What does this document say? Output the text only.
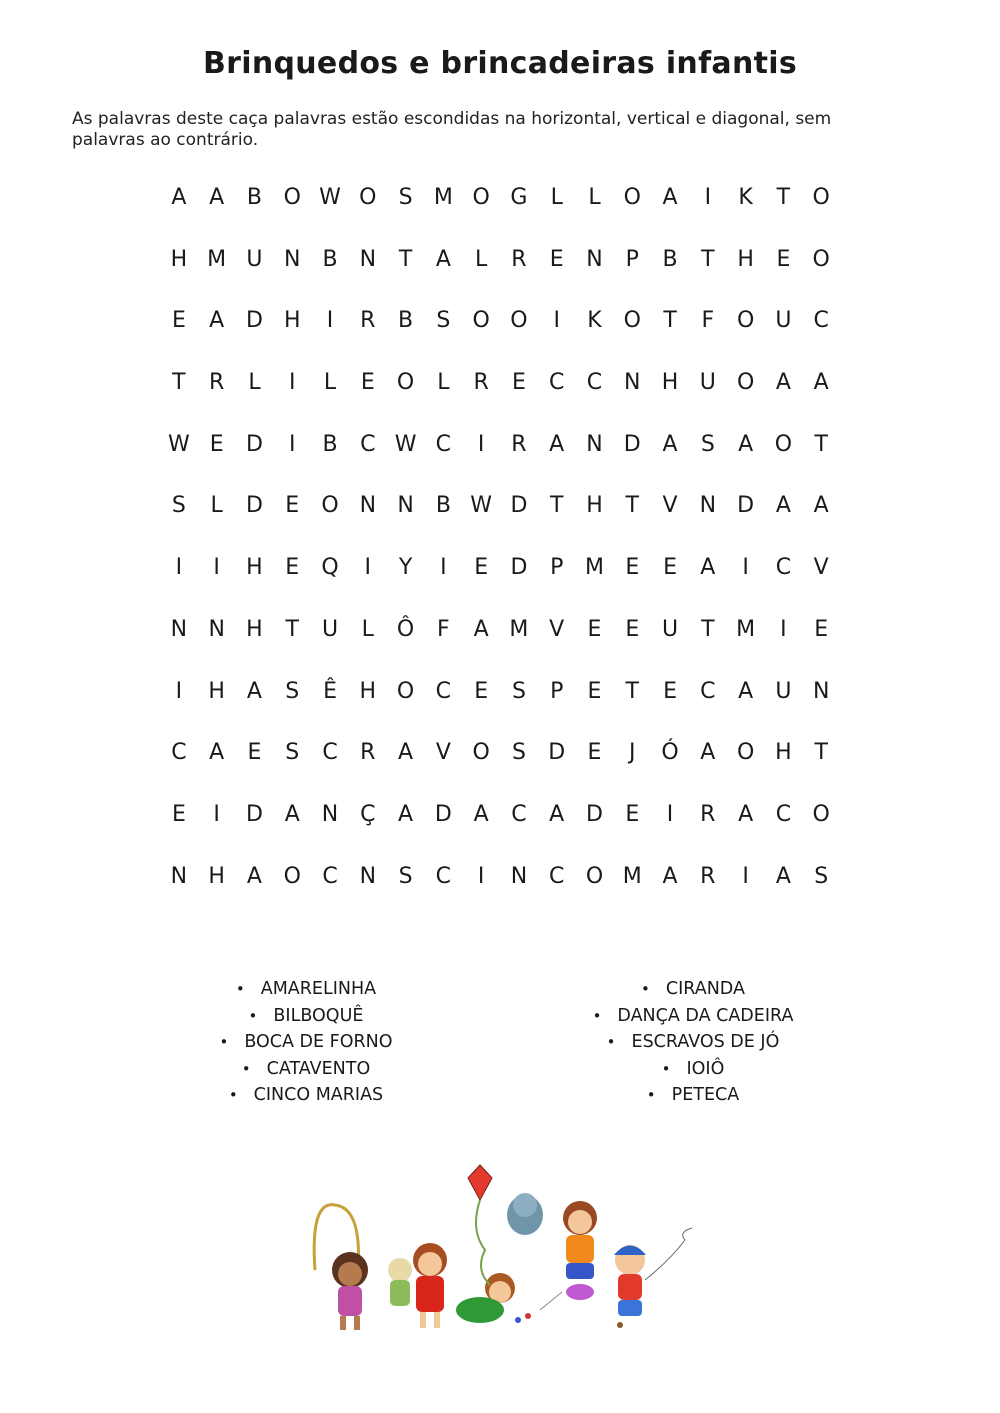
Brinquedos e brincadeiras infantis
As palavras deste caça palavras estão escondidas na horizontal, vertical e diagonal, sem palavras ao contrário.
A	A	B O W O	S M O G	L	L	O A	I	K	T	O
H M U N	B	N	T	A	L	R	E	N	P	B	T	H	E	O
E	A D H	I	R	B	S	O O	I	K O	T	F	O U	C
T	R	L	I	L	E	O	L	R	E	C	C N H U O A	A
W E	D	I	B	C W C	I	R	A	N D A	S	A O	T
S	L	D	E	O N N	B W D	T	H	T	V	N D A	A
I	I	H	E	Q	I	Y	I	E	D	P M E	E	A	I	C	V
N N H	T	U	L	Ô	F	A M V	E	E	U	T M	I	E
I	H A	S	Ê	H O C	E	S	P	E	T	E	C	A	U N
C	A	E	S	C	R	A	V O	S	D	E	J	Ó A O H	T
E	I	D A	N Ç	A D A	C	A D	E	I	R	A	C O
N H A O C N	S	C	I	N C O M A	R	I	A	S
• AMARELINHA
• BILBOQUÊ
• BOCA DE FORNO
• CATAVENTO
• CINCO MARIAS
• CIRANDA
• DANÇA DA CADEIRA
• ESCRAVOS DE JÓ
• IOIÔ
• PETECA
